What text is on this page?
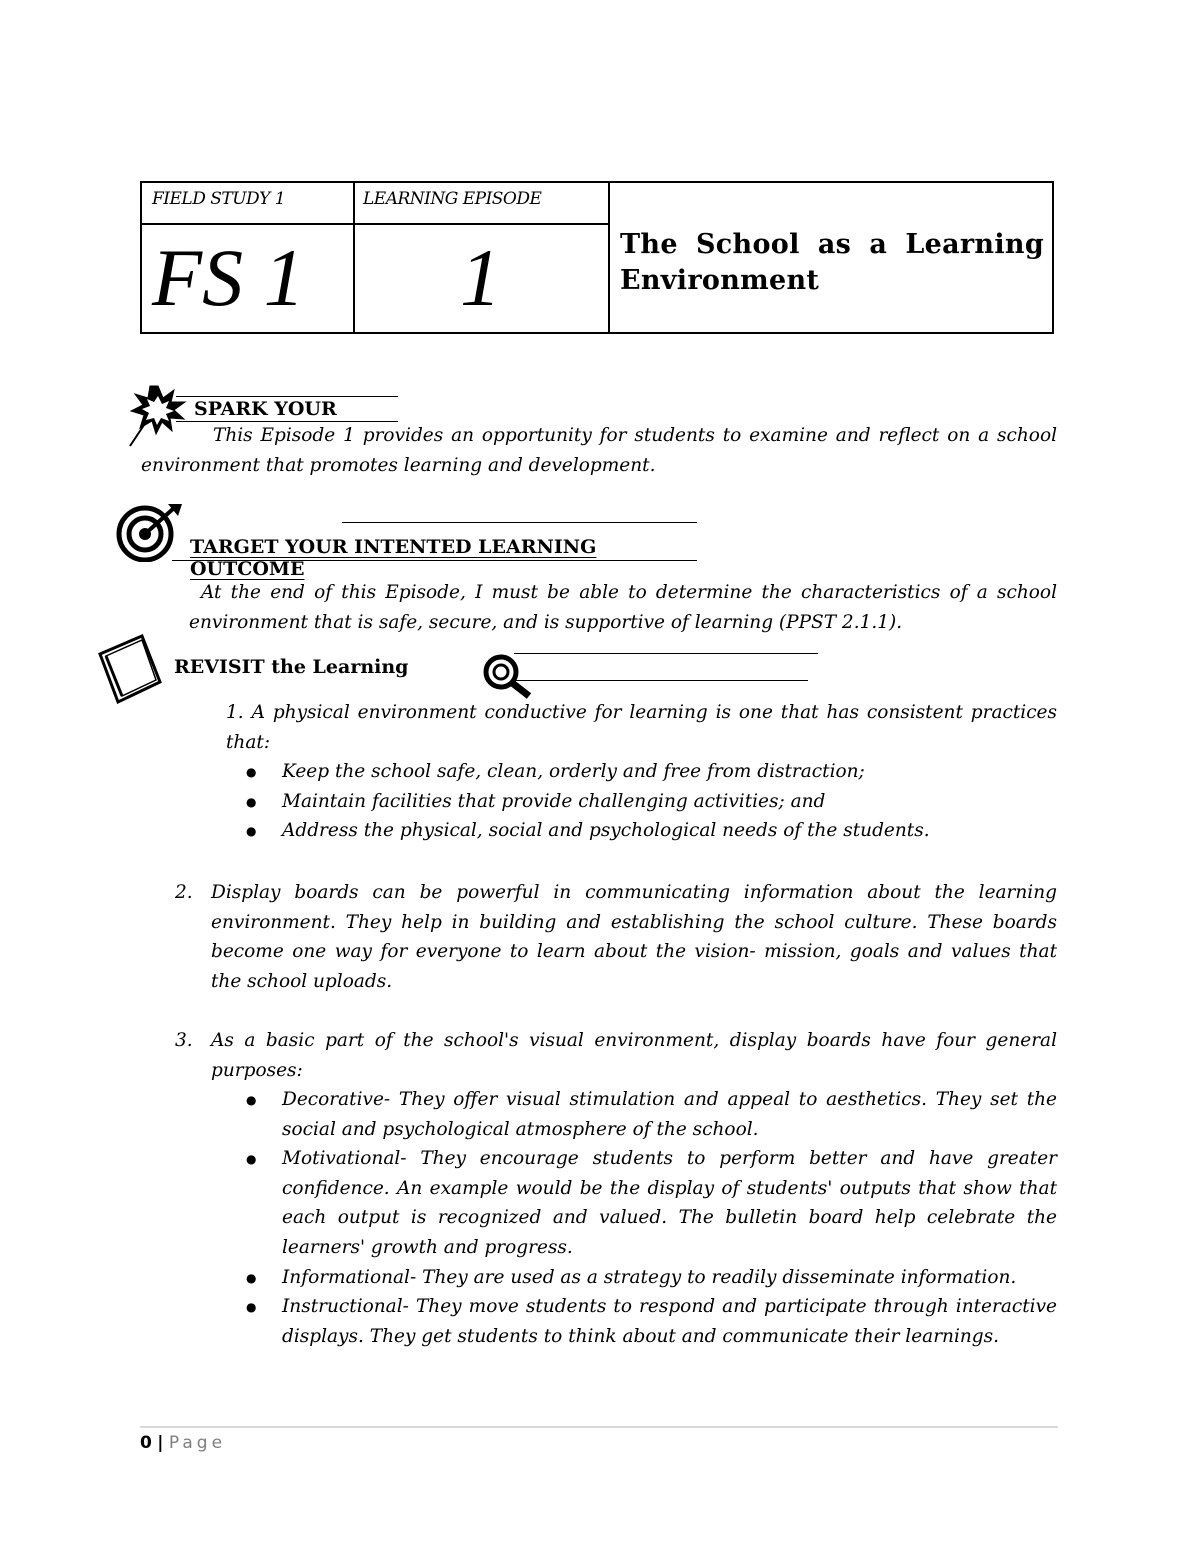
FIELD STUDY 1	LEARNING EPISODE
FS 1 1	The School as a Learning Environment
SPARK YOUR
This Episode 1 provides an opportunity for students to examine and reflect on a school environment that promotes learning and development.
TARGET YOUR INTENTED LEARNING OUTCOME
At the end of this Episode, I must be able to determine the characteristics of a school environment that is safe, secure, and is supportive of learning (PPST 2.1.1).
REVISIT the Learning
1. A physical environment conductive for learning is one that has consistent practices that:
● Keep the school safe, clean, orderly and free from distraction;
● Maintain facilities that provide challenging activities; and
● Address the physical, social and psychological needs of the students.
2. Display boards can be powerful in communicating information about the learning environment. They help in building and establishing the school culture. These boards become one way for everyone to learn about the vision- mission, goals and values that the school uploads.
3. As a basic part of the school's visual environment, display boards have four general purposes:
● Decorative- They offer visual stimulation and appeal to aesthetics. They set the social and psychological atmosphere of the school.
● Motivational- They encourage students to perform better and have greater confidence. An example would be the display of students' outputs that show that each output is recognized and valued. The bulletin board help celebrate the learners' growth and progress.
● Informational- They are used as a strategy to readily disseminate information.
● Instructional- They move students to respond and participate through interactive displays. They get students to think about and communicate their learnings.
0 | Page
